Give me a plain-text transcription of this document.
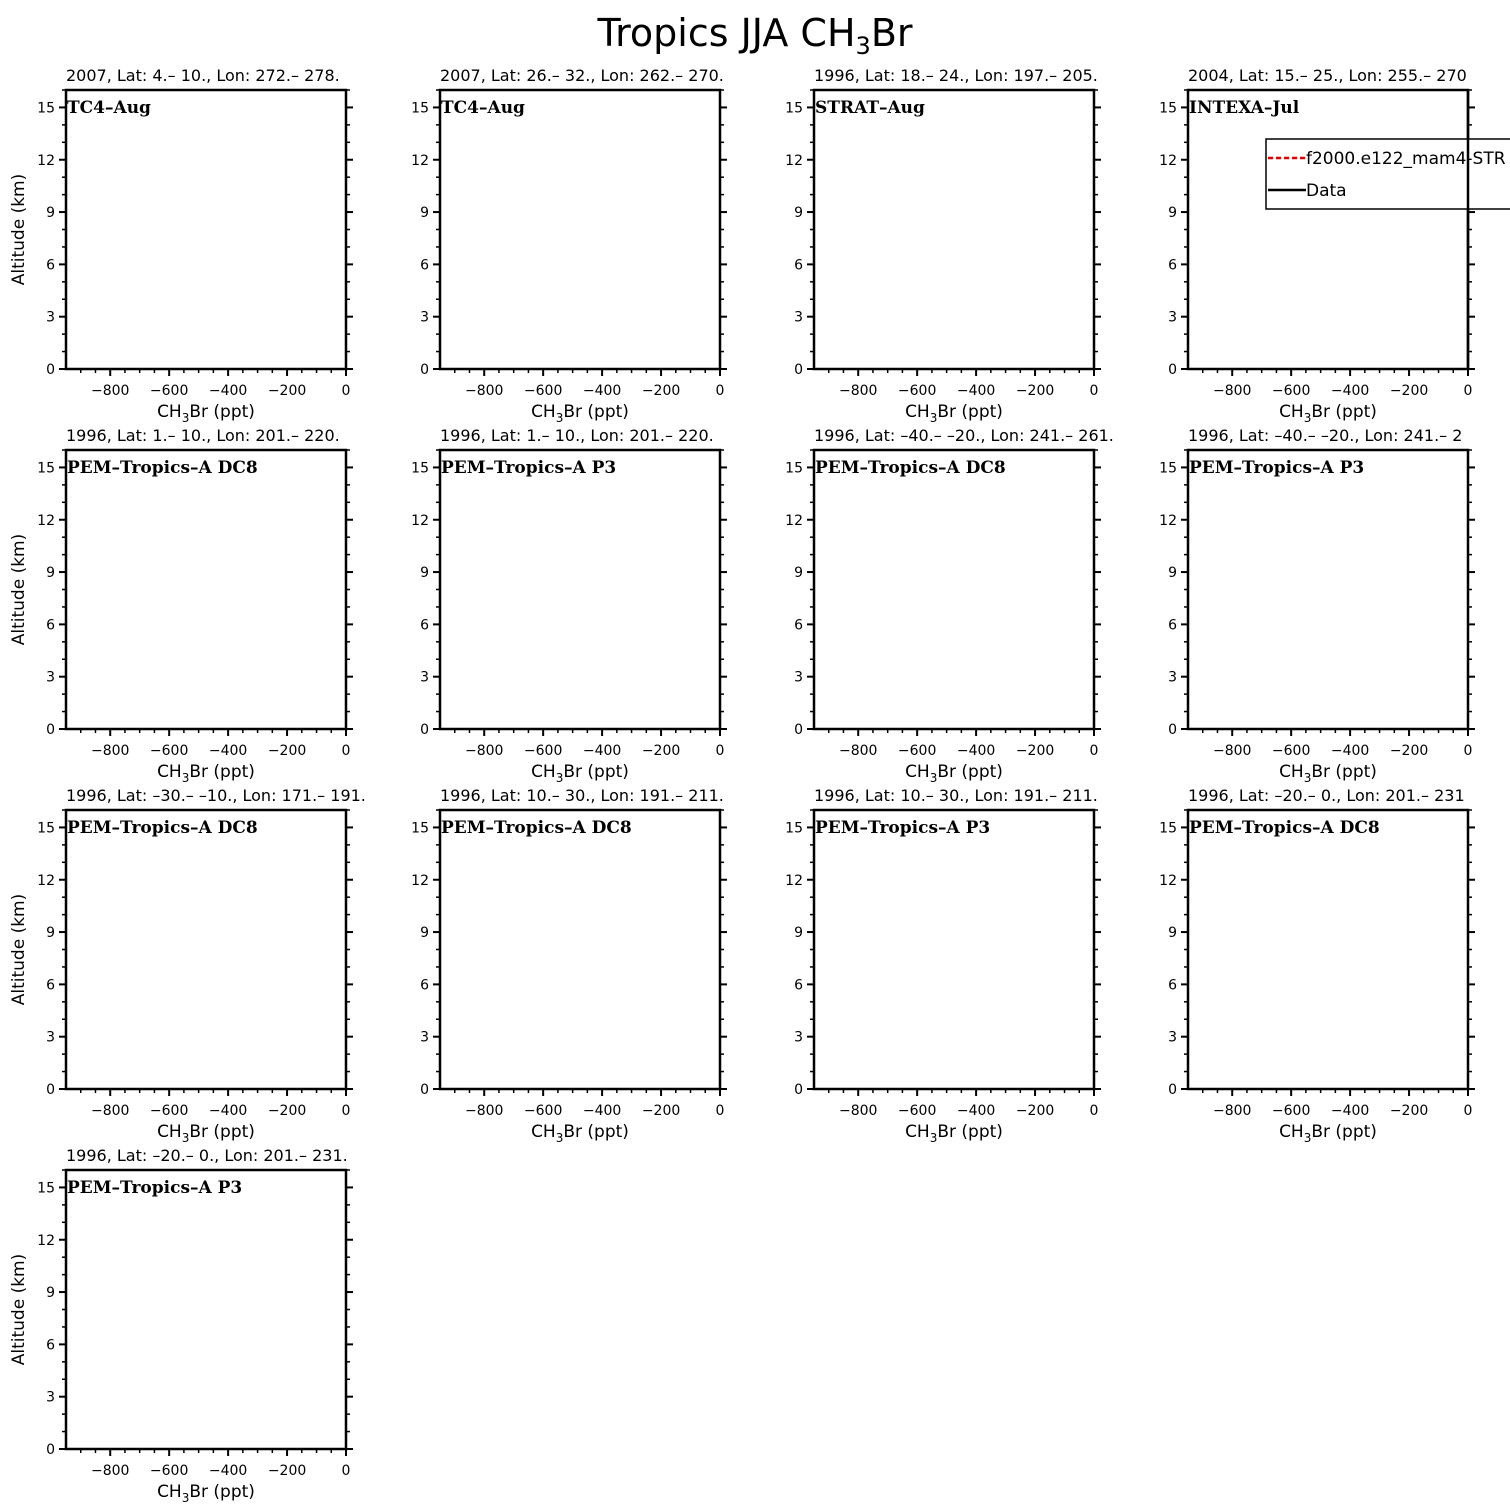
Tropics JJA $CH_3Br$
2007, Lat: 4.– 10., Lon: 272.– 278.
TC4–Aug
0
3
6
9
12
15
−800 −600 −400 −200	0
$CH_3Br$ (ppt)
Altitude (km)
2007, Lat: 26.– 32., Lon: 262.– 270.
TC4–Aug
0
3
6
9
12
15
−800 −600 −400 −200	0
$CH_3Br$ (ppt)
1996, Lat: 18.– 24., Lon: 197.– 205.
STRAT–Aug
0
3
6
9
12
15
−800 −600 −400 −200	0
$CH_3Br$ (ppt)
2004, Lat: 15.– 25., Lon: 255.– 270
INTEXA–Jul
0
3
6
9
12
15
−800 −600 −400 −200	0
$CH_3Br$ (ppt)
1996, Lat: 1.– 10., Lon: 201.– 220.
PEM–Tropics–A DC8
0
3
6
9
12
15
−800 −600 −400 −200	0
$CH_3Br$ (ppt)
Altitude (km)
1996, Lat: 1.– 10., Lon: 201.– 220.
PEM–Tropics–A P3
0
3
6
9
12
15
−800 −600 −400 −200	0
$CH_3Br$ (ppt)
1996, Lat: –40.– –20., Lon: 241.– 261.
PEM–Tropics–A DC8
0
3
6
9
12
15
−800 −600 −400 −200	0
$CH_3Br$ (ppt)
1996, Lat: –40.– –20., Lon: 241.– 2
PEM–Tropics–A P3
0
3
6
9
12
15
−800 −600 −400 −200	0
$CH_3Br$ (ppt)
1996, Lat: –30.– –10., Lon: 171.– 191.
PEM–Tropics–A DC8
0
3
6
9
12
15
−800 −600 −400 −200	0
$CH_3Br$ (ppt)
Altitude (km)
1996, Lat: 10.– 30., Lon: 191.– 211.
PEM–Tropics–A DC8
0
3
6
9
12
15
−800 −600 −400 −200	0
$CH_3Br$ (ppt)
1996, Lat: 10.– 30., Lon: 191.– 211.
PEM–Tropics–A P3
0
3
6
9
12
15
−800 −600 −400 −200	0
$CH_3Br$ (ppt)
1996, Lat: –20.– 0., Lon: 201.– 231
PEM–Tropics–A DC8
0
3
6
9
12
15
−800 −600 −400 −200	0
$CH_3Br$ (ppt)
1996, Lat: –20.– 0., Lon: 201.– 231.
PEM–Tropics–A P3
0
3
6
9
12
15
−800 −600 −400 −200	0
$CH_3Br$ (ppt)
Altitude (km)
f2000.e122_mam4-STR
Data
